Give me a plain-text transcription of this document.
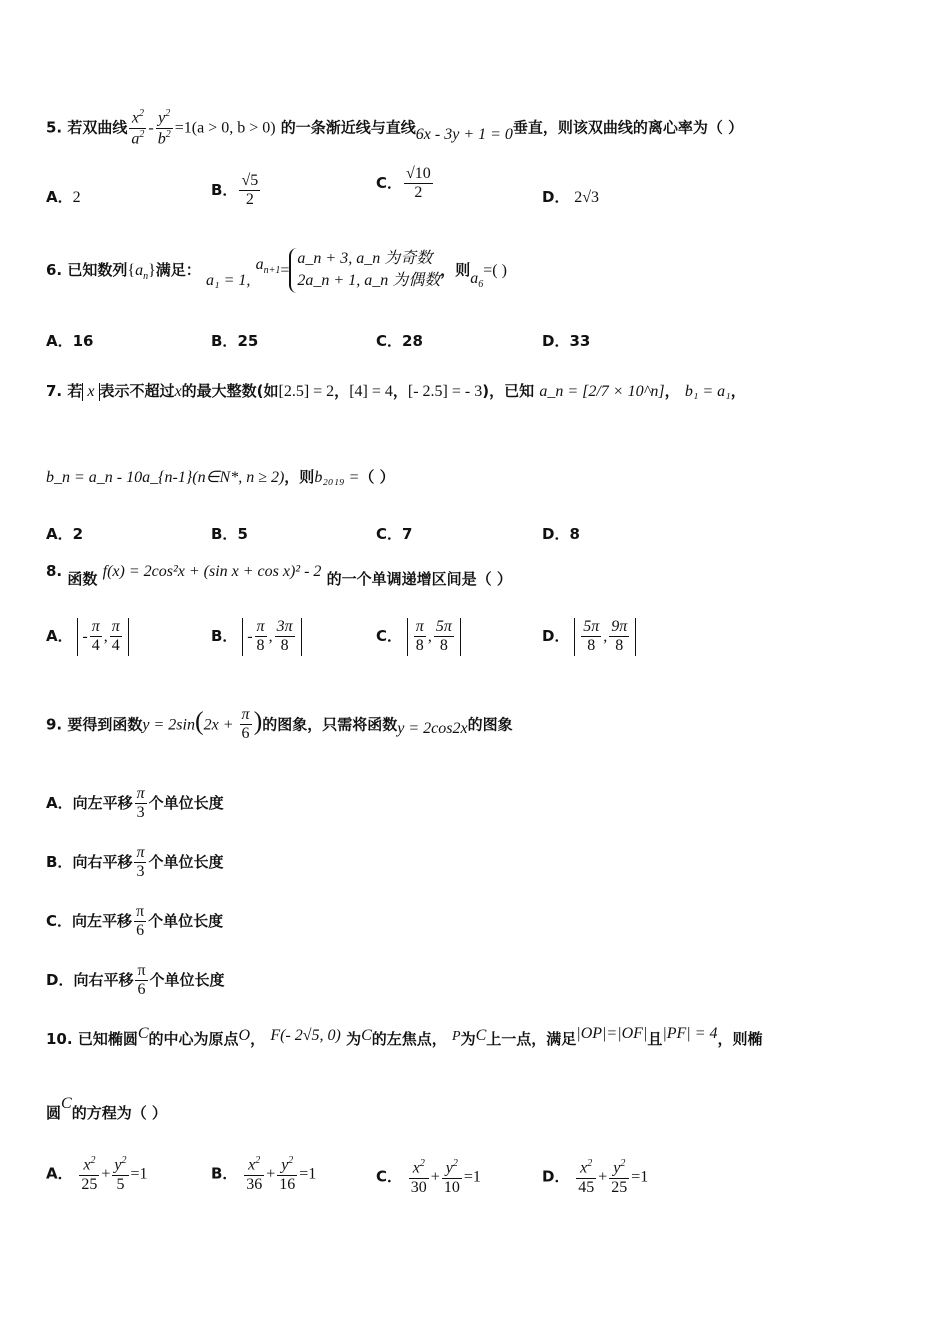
5. 若双曲线 $\frac{x^2}{a^2} - \frac{y^2}{b^2} =1(a > 0$, b > 0) 的一条渐近线与直线6x - 3y + 1 = 0垂直，则该双曲线的离心率为（ ）
A．2	B． $\frac{√5}{2}$	C． $\frac{√10}{2}$	D． 2√3
6. 已知数列$\{a_n\}$满足： a₁ = 1, $a_{n+1}=$
a_n + 3, a_n 为奇数
2a_n + 1, a_n 为偶数
，则$a_6=$( )
A．16	B．25	C．28	D．33
7. 若 x 表示不超过x的最大整数(如[2.5] = 2，[4] = 4，[- 2.5] = - 3)，已知 a_n = [2/7 × 10^n]， b₁ = a₁，
b_n = a_n - 10a_{n-1}(n∈N*, n ≥ 2)，则b₂₀₁₉ =（ ）
A．2	B．5	C．7	D．8
8. 函数 f(x) = 2cos²x + (sin x + cos x)² - 2 的一个单调递增区间是（ ）
A． - $\frac{\pi}{4}$ , $\frac{\pi}{4}$	B． - $\frac{\pi}{8}$ , $\frac{3\pi}{8}$	C． $\frac{\pi}{8}$ , $\frac{5\pi}{8}$	D． $\frac{5\pi}{8}$ , $\frac{9\pi}{8}$
9. 要得到函数$y = 2\sin(2x + \frac{\pi}{6}$ )的图象，只需将函数y = 2cos2x的图象
A．向左平移 $\frac{\pi}{3}$ 个单位长度
B．向右平移 $\frac{\pi}{3}$ 个单位长度
C．向左平移 $\frac{\pi}{6}$ 个单位长度
D．向右平移 $\frac{\pi}{6}$ 个单位长度
10. 已知椭圆C的中心为原点O， F(- 2√5, 0) 为C的左焦点， P为C上一点，满足|OP|=|OF|且|PF| = 4，则椭
圆C的方程为（ ）
A． $\frac{x^2}{25} + \frac{y^2}{5} =1$	B． $\frac{x^2}{36} + \frac{y^2}{16} =1$	C． $\frac{x^2}{30} + \frac{y^2}{10} =1$	D． $\frac{x^2}{45} + \frac{y^2}{25} =1$
